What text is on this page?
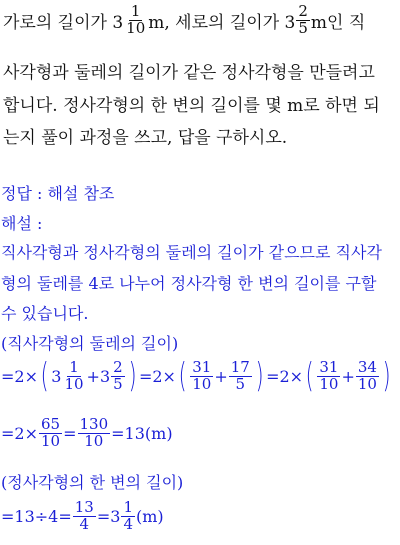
가로의 길이가 $3 \frac{1}{10} m$, 세로의 길이가 $3 \frac{2}{5}$ m인 직
사각형과 둘레의 길이가 같은 정사각형을 만들려고
합니다. 정사각형의 한 변의 길이를 몇 m로 하면 되
는지 풀이 과정을 쓰고, 답을 구하시오.
정답 : 해설 참조
해설 :
직사각형과 정사각형의 둘레의 길이가 같으므로 직사각
형의 둘레를 4로 나누어 정사각형 한 변의 길이를 구할
수 있습니다.
(직사각형의 둘레의 길이)
=2× ( $3 \frac{1}{10} +3 \frac{2}{5}$ ) =2× ( $\frac{31}{10} + \frac{17}{5}$ ) =2× ( $\frac{31}{10} + \frac{34}{10}$ )
$=2\times \frac{65}{10} = \frac{130}{10} =13(m)$
(정사각형의 한 변의 길이)
$=13\div 4= \frac{13}{4} =3 \frac{1}{4} (m)$
